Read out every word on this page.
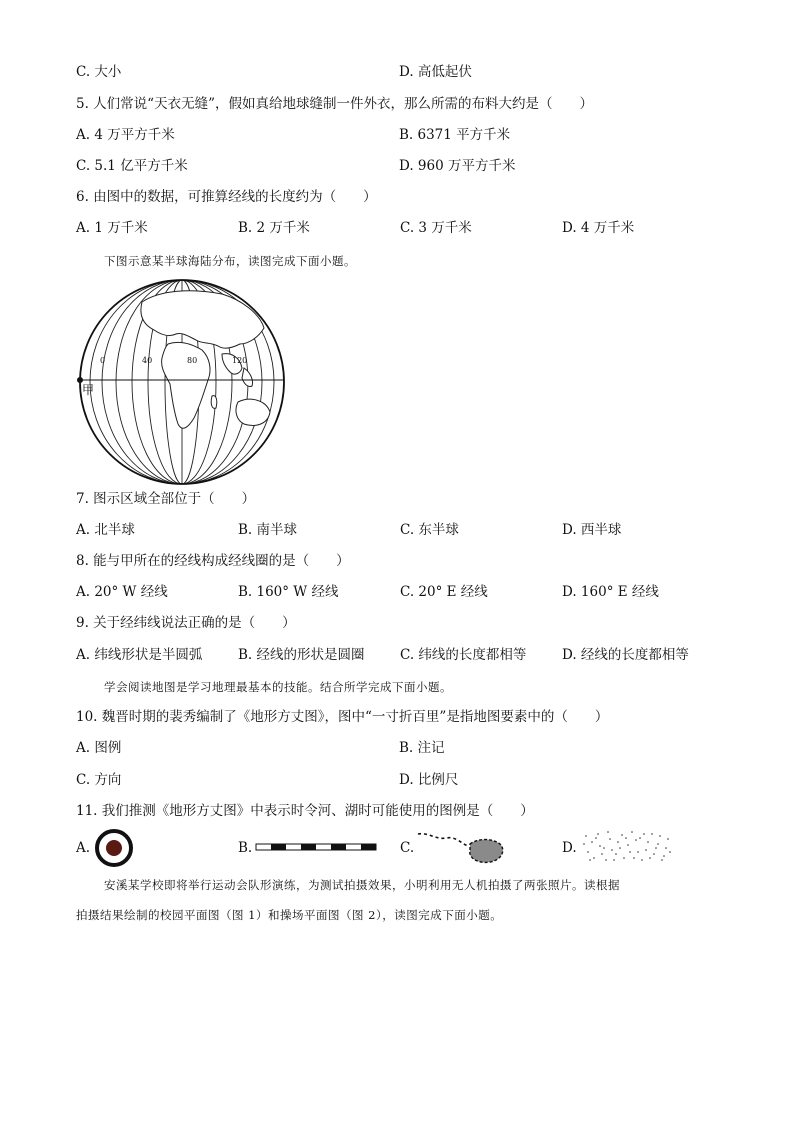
C. 大小	D. 高低起伏
5. 人们常说“天衣无缝”，假如真给地球缝制一件外衣，那么所需的布料大约是（　　）
A. 4 万平方千米	B. 6371 平方千米
C. 5.1 亿平方千米	D. 960 万平方千米
6. 由图中的数据，可推算经线的长度约为（　　）
A. 1 万千米	B. 2 万千米	C. 3 万千米	D. 4 万千米
下图示意某半球海陆分布，读图完成下面小题。
0	40	80	120
甲
7. 图示区域全部位于（　　）
A. 北半球	B. 南半球	C. 东半球	D. 西半球
8. 能与甲所在的经线构成经线圈的是（　　）
A. 20° W 经线	B. 160° W 经线	C. 20° E 经线	D. 160° E 经线
9. 关于经纬线说法正确的是（　　）
A. 纬线形状是半圆弧	B. 经线的形状是圆圈	C. 纬线的长度都相等	D. 经线的长度都相等
学会阅读地图是学习地理最基本的技能。结合所学完成下面小题。
10. 魏晋时期的裴秀编制了《地形方丈图》，图中“一寸折百里”是指地图要素中的（　　）
A. 图例	B. 注记
C. 方向	D. 比例尺
11. 我们推测《地形方丈图》中表示时令河、湖时可能使用的图例是（　　）
A.	B.	C.	D.
安溪某学校即将举行运动会队形演练，为测试拍摄效果，小明利用无人机拍摄了两张照片。读根据
拍摄结果绘制的校园平面图（图 1）和操场平面图（图 2），读图完成下面小题。
